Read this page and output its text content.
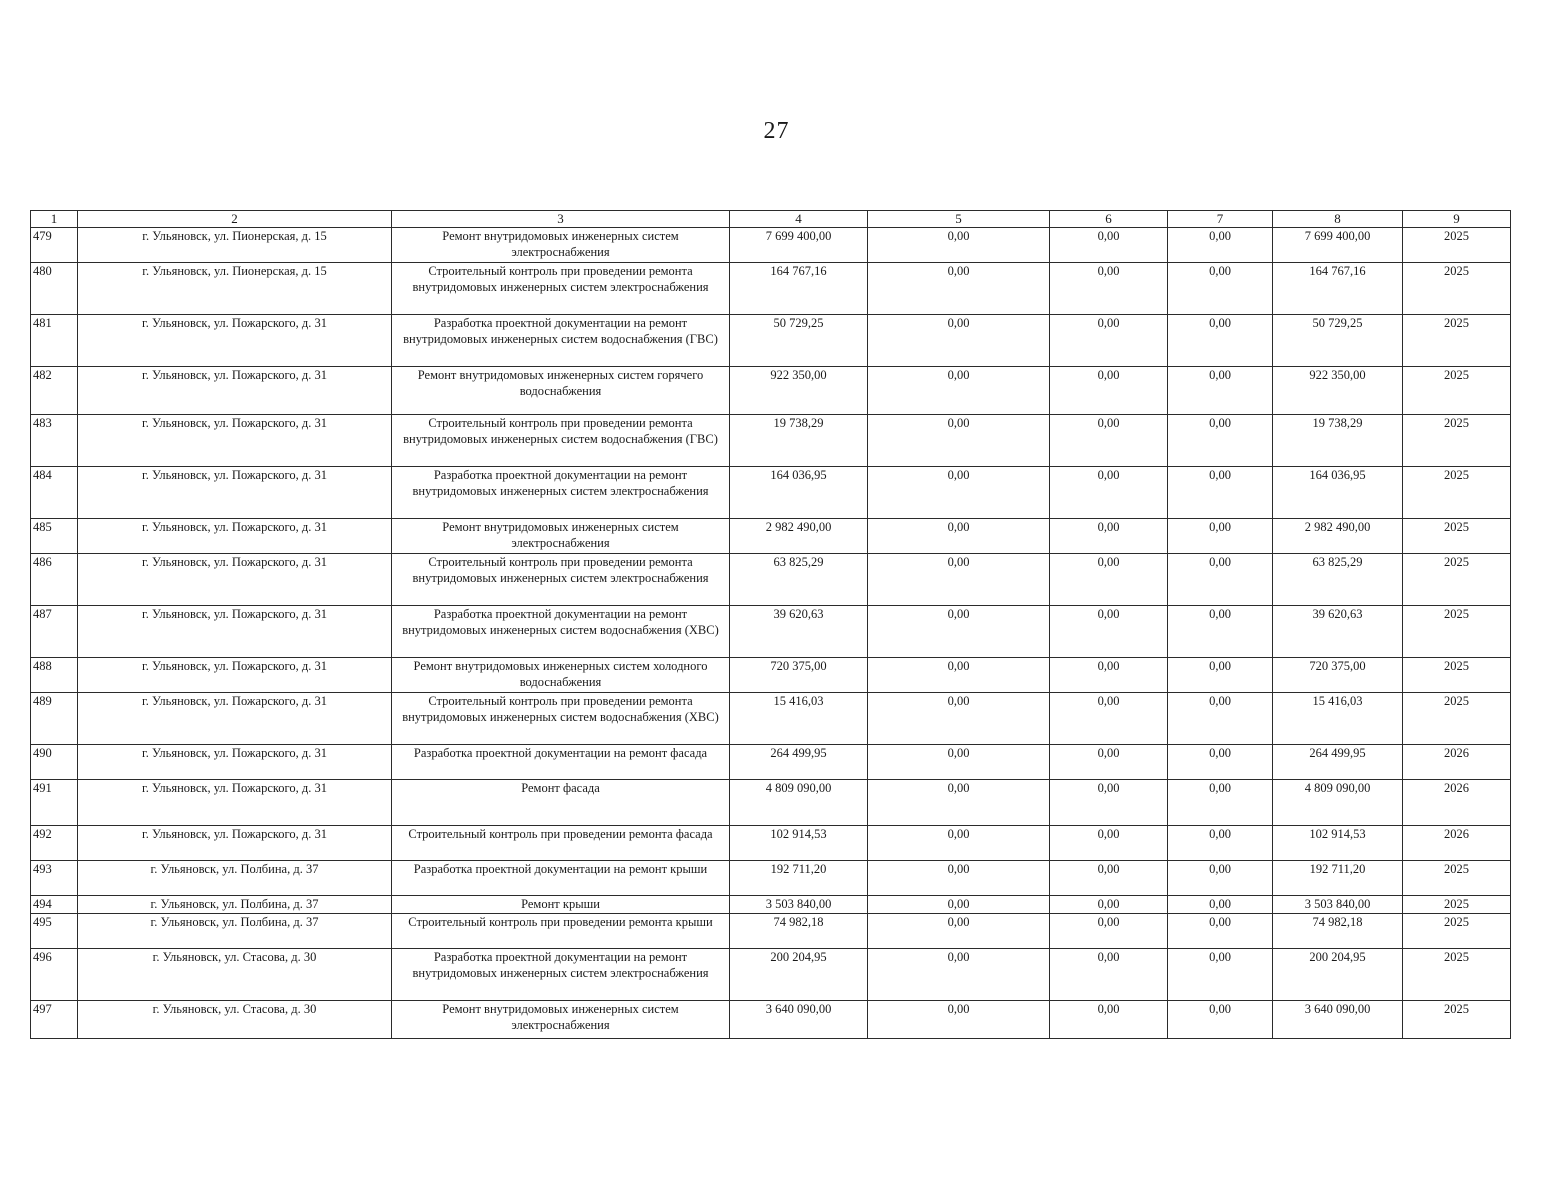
27
1	2	3	4	5	6	7	8	9
479	г. Ульяновск, ул. Пионерская, д. 15	Ремонт внутридомовых инженерных систем электроснабжения	7 699 400,00	0,00	0,00	0,00	7 699 400,00	2025
480	г. Ульяновск, ул. Пионерская, д. 15	Строительный контроль при проведении ремонта внутридомовых инженерных систем электроснабжения	164 767,16	0,00	0,00	0,00	164 767,16	2025
481	г. Ульяновск, ул. Пожарского, д. 31	Разработка проектной документации на ремонт внутридомовых инженерных систем водоснабжения (ГВС)	50 729,25	0,00	0,00	0,00	50 729,25	2025
482	г. Ульяновск, ул. Пожарского, д. 31	Ремонт внутридомовых инженерных систем горячего водоснабжения	922 350,00	0,00	0,00	0,00	922 350,00	2025
483	г. Ульяновск, ул. Пожарского, д. 31	Строительный контроль при проведении ремонта внутридомовых инженерных систем водоснабжения (ГВС)	19 738,29	0,00	0,00	0,00	19 738,29	2025
484	г. Ульяновск, ул. Пожарского, д. 31	Разработка проектной документации на ремонт внутридомовых инженерных систем электроснабжения	164 036,95	0,00	0,00	0,00	164 036,95	2025
485	г. Ульяновск, ул. Пожарского, д. 31	Ремонт внутридомовых инженерных систем электроснабжения	2 982 490,00	0,00	0,00	0,00	2 982 490,00	2025
486	г. Ульяновск, ул. Пожарского, д. 31	Строительный контроль при проведении ремонта внутридомовых инженерных систем электроснабжения	63 825,29	0,00	0,00	0,00	63 825,29	2025
487	г. Ульяновск, ул. Пожарского, д. 31	Разработка проектной документации на ремонт внутридомовых инженерных систем водоснабжения (ХВС)	39 620,63	0,00	0,00	0,00	39 620,63	2025
488	г. Ульяновск, ул. Пожарского, д. 31	Ремонт внутридомовых инженерных систем холодного водоснабжения	720 375,00	0,00	0,00	0,00	720 375,00	2025
489	г. Ульяновск, ул. Пожарского, д. 31	Строительный контроль при проведении ремонта внутридомовых инженерных систем водоснабжения (ХВС)	15 416,03	0,00	0,00	0,00	15 416,03	2025
490	г. Ульяновск, ул. Пожарского, д. 31	Разработка проектной документации на ремонт фасада	264 499,95	0,00	0,00	0,00	264 499,95	2026
491	г. Ульяновск, ул. Пожарского, д. 31	Ремонт фасада	4 809 090,00	0,00	0,00	0,00	4 809 090,00	2026
492	г. Ульяновск, ул. Пожарского, д. 31	Строительный контроль при проведении ремонта фасада	102 914,53	0,00	0,00	0,00	102 914,53	2026
493	г. Ульяновск, ул. Полбина, д. 37	Разработка проектной документации на ремонт крыши	192 711,20	0,00	0,00	0,00	192 711,20	2025
494	г. Ульяновск, ул. Полбина, д. 37	Ремонт крыши	3 503 840,00	0,00	0,00	0,00	3 503 840,00	2025
495	г. Ульяновск, ул. Полбина, д. 37	Строительный контроль при проведении ремонта крыши	74 982,18	0,00	0,00	0,00	74 982,18	2025
496	г. Ульяновск, ул. Стасова, д. 30	Разработка проектной документации на ремонт внутридомовых инженерных систем электроснабжения	200 204,95	0,00	0,00	0,00	200 204,95	2025
497	г. Ульяновск, ул. Стасова, д. 30	Ремонт внутридомовых инженерных систем электроснабжения	3 640 090,00	0,00	0,00	0,00	3 640 090,00	2025
